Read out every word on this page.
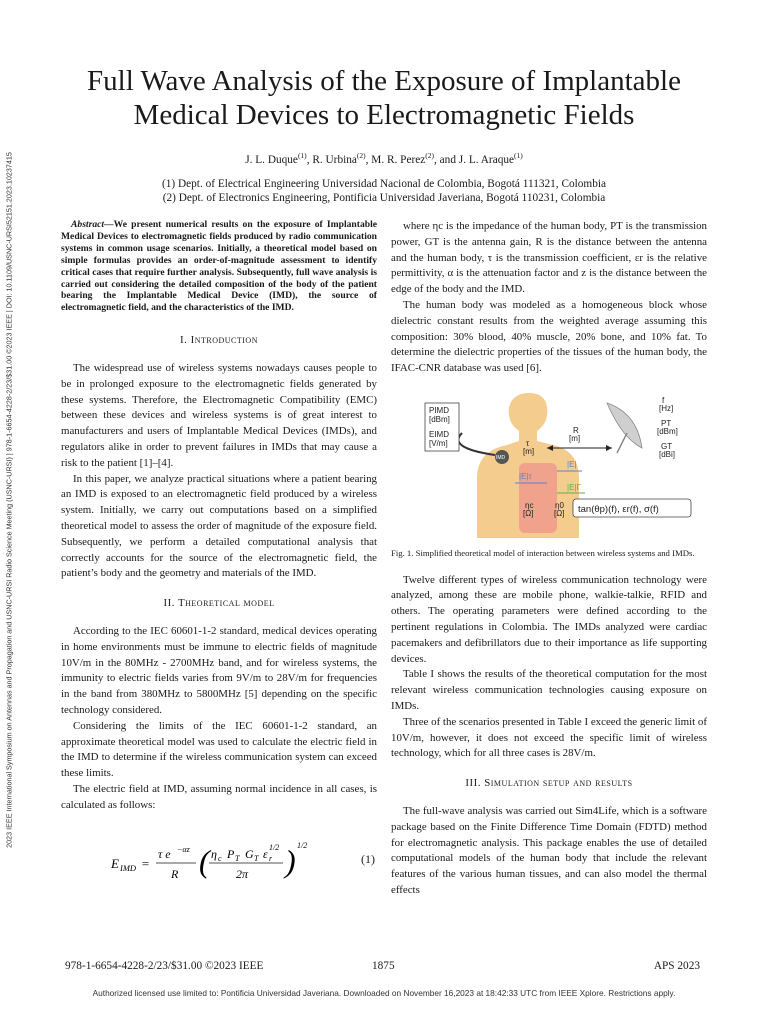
2023 IEEE International Symposium on Antennas and Propagation and USNC-URSI Radio Science Meeting (USNC-URSI) | 978-1-6654-4228-2/23/$31.00 ©2023 IEEE | DOI: 10.1109/USNC-URSI52151.2023.10237415
Full Wave Analysis of the Exposure of Implantable Medical Devices to Electromagnetic Fields
J. L. Duque$^{(1)}$, R. Urbina$^{(2)}$, M. R. Perez$^{(2)}$, and J. L. Araque$^{(1)}$
(1) Dept. of Electrical Engineering Universidad Nacional de Colombia, Bogotá 111321, Colombia
(2) Dept. of Electronics Engineering, Pontificia Universidad Javeriana, Bogotá 110231, Colombia

Abstract—We present numerical results on the exposure of Implantable Medical Devices to electromagnetic fields produced by radio communication systems in common usage scenarios. Initially, a theoretical model based on simple formulas provides an order-of-magnitude assessment to identify critical cases that require further analysis. Subsequently, full wave analysis is carried out considering the detailed composition of the body of the patient bearing the Implantable Medical Device (IMD), the source of electromagnetic field, and the characteristics of the IMD.

I. Introduction

The widespread use of wireless systems nowadays causes people to be in prolonged exposure to the electromagnetic fields generated by these systems. Therefore, the Electromagnetic Compatibility (EMC) between these devices and wireless systems is of great interest to manufacturers and users of Implantable Medical Devices (IMDs), and regulators alike in order to prevent failures in IMDs that may cause a risk to the patient [1]–[4].

In this paper, we analyze practical situations where a patient bearing an IMD is exposed to an electromagnetic field produced by a wireless system. Initially, we carry out computations based on a simplified theoretical model to assess the order of magnitude of the exposure field. Subsequently, we perform a detailed computational analysis that correctly accounts for the source of the electromagnetic field, the patient’s body and the geometry and materials of the IMD.

II. Theoretical model

According to the IEC 60601-1-2 standard, medical devices operating in home environments must be immune to electric fields of magnitude 10V/m in the 80MHz - 2700MHz band, and for wireless systems, the immunity to electric fields varies from 9V/m to 28V/m for frequencies in the band from 380MHz to 5800MHz [5] depending on the specific technology considered.

Considering the limits of the IEC 60601-1-2 standard, an approximate theoretical model was used to calculate the electric field in the IMD to determine if the wireless communication system can exceed these limits.

The electric field at IMD, assuming normal incidence in all cases, is calculated as follows:

E IMD =
τ e −αz
R ( η c P T G T ε r
1/2
2π ) 1/2
(1)

where ηc is the impedance of the human body, PT is the transmission power, GT is the antenna gain, R is the distance between the antenna and the human body, τ is the transmission coefficient, εr is the relative permittivity, α is the attenuation factor and z is the distance between the edge of the body and the IMD.

The human body was modeled as a homogeneous block whose dielectric constant results from the weighted average assuming this composition: 30% blood, 40% muscle, 20% bone, and 10% fat. To determine the dielectric properties of the tissues of the human body, the IFAC-CNR database was used [6].

IMD
PIMD
[dBm]
EIMD
[V/m]	τ
[m]
R
[m]
|E|
|E|τ
|E|Γ
f
[Hz]
PT
[dBm]
GT
[dBi]
ηc
[Ω]
η0
[Ω] tan(θp)(f), εr(f), σ(f)

Fig. 1. Simplified theoretical model of interaction between wireless systems and IMDs.

Twelve different types of wireless communication technology were analyzed, among these are mobile phone, walkie-talkie, RFID and others. The operating parameters were defined according to the pertinent regulations in Colombia. The IMDs analyzed were cardiac pacemakers and defibrillators due to their importance as life supporting devices.

Table I shows the results of the theoretical computation for the most relevant wireless communication technologies causing exposure on IMDs.

Three of the scenarios presented in Table I exceed the generic limit of 10V/m, however, it does not exceed the specific limit of wireless technology, which for all three cases is 28V/m.

III. Simulation setup and results

The full-wave analysis was carried out Sim4Life, which is a software package based on the Finite Difference Time Domain (FDTD) method for electromagnetic analysis. This package enables the use of detailed computational models of the human body that include the relevant features of the various human tissues, and can also model the thermal effects

978-1-6654-4228-2/23/$31.00 ©2023 IEEE	1875	APS 2023
Authorized licensed use limited to: Pontificia Universidad Javeriana. Downloaded on November 16,2023 at 18:42:33 UTC from IEEE Xplore. Restrictions apply.
